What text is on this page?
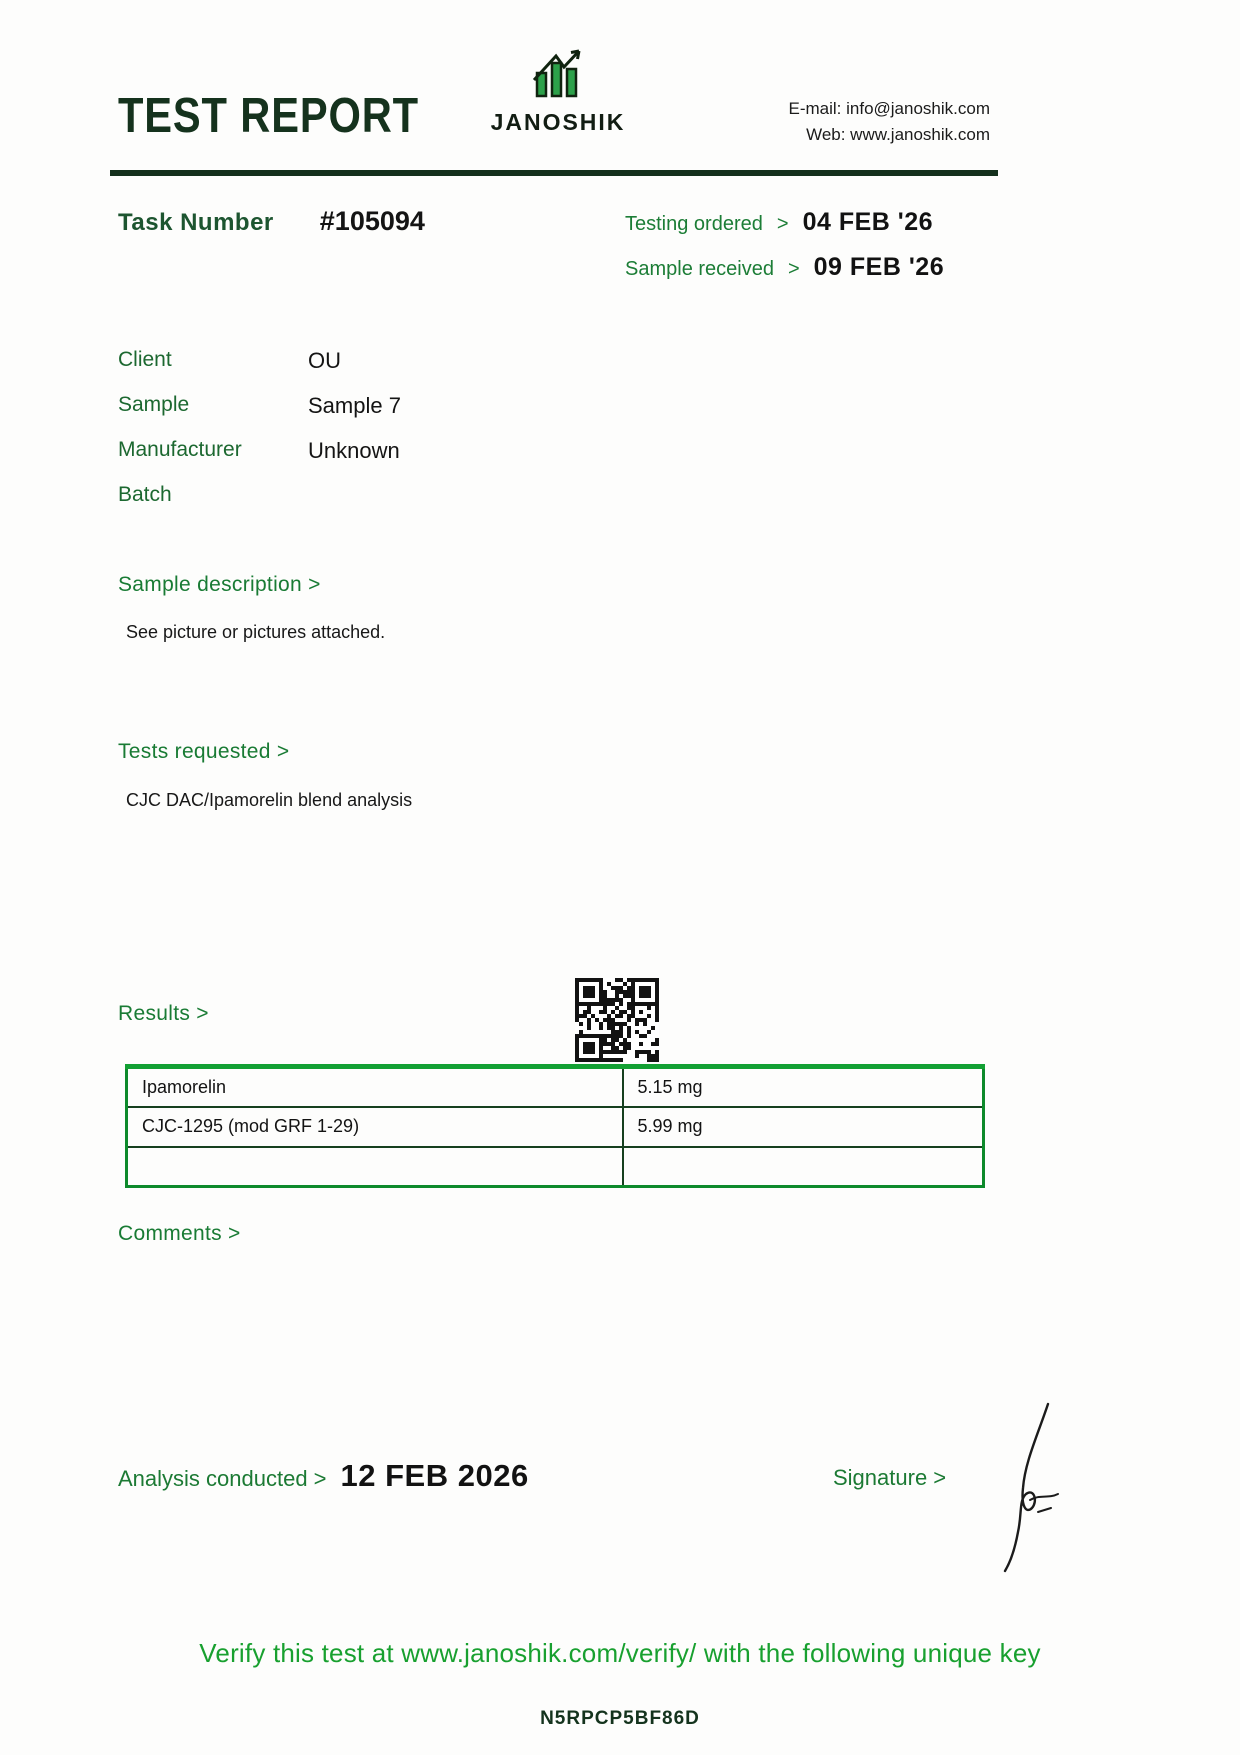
TEST REPORT	JANOSHIK
E-mail: info@janoshik.com
Web: www.janoshik.com
Task Number #105094	Testing ordered > 04 FEB '26
Sample received > 09 FEB '26
Client	OU
Sample	Sample 7
Manufacturer	Unknown
Batch
Sample description >
See picture or pictures attached.
Tests requested >
CJC DAC/Ipamorelin blend analysis
Results >
Ipamorelin	5.15 mg
CJC-1295 (mod GRF 1-29)	5.99 mg

Comments >
Analysis conducted > 12 FEB 2026	Signature >
Verify this test at www.janoshik.com/verify/ with the following unique key
N5RPCP5BF86D
